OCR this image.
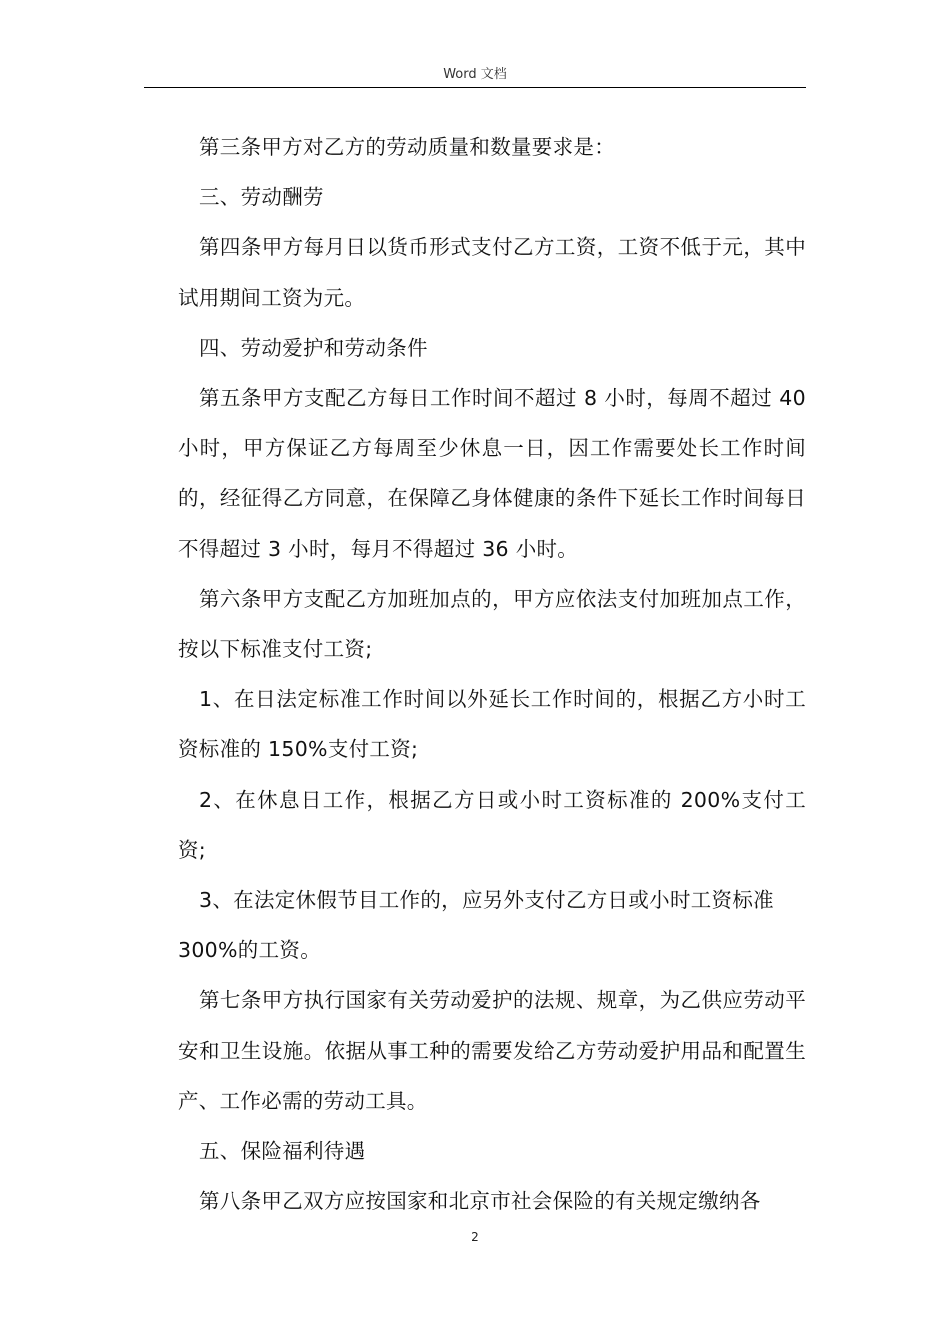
Word 文档

第三条甲方对乙方的劳动质量和数量要求是：

三、劳动酬劳

第四条甲方每月日以货币形式支付乙方工资，工资不低于元，其中试用期间工资为元。

四、劳动爱护和劳动条件

第五条甲方支配乙方每日工作时间不超过 8 小时，每周不超过 40 小时，甲方保证乙方每周至少休息一日，因工作需要处长工作时间的，经征得乙方同意，在保障乙身体健康的条件下延长工作时间每日不得超过 3 小时，每月不得超过 36 小时。

第六条甲方支配乙方加班加点的，甲方应依法支付加班加点工作，按以下标准支付工资;

1、在日法定标准工作时间以外延长工作时间的，根据乙方小时工资标准的 150%支付工资;

2、在休息日工作，根据乙方日或小时工资标准的 200%支付工资;

3、在法定休假节目工作的，应另外支付乙方日或小时工资标准 300%的工资。

第七条甲方执行国家有关劳动爱护的法规、规章，为乙供应劳动平安和卫生设施。依据从事工种的需要发给乙方劳动爱护用品和配置生产、工作必需的劳动工具。

五、保险福利待遇

第八条甲乙双方应按国家和北京市社会保险的有关规定缴纳各

2
